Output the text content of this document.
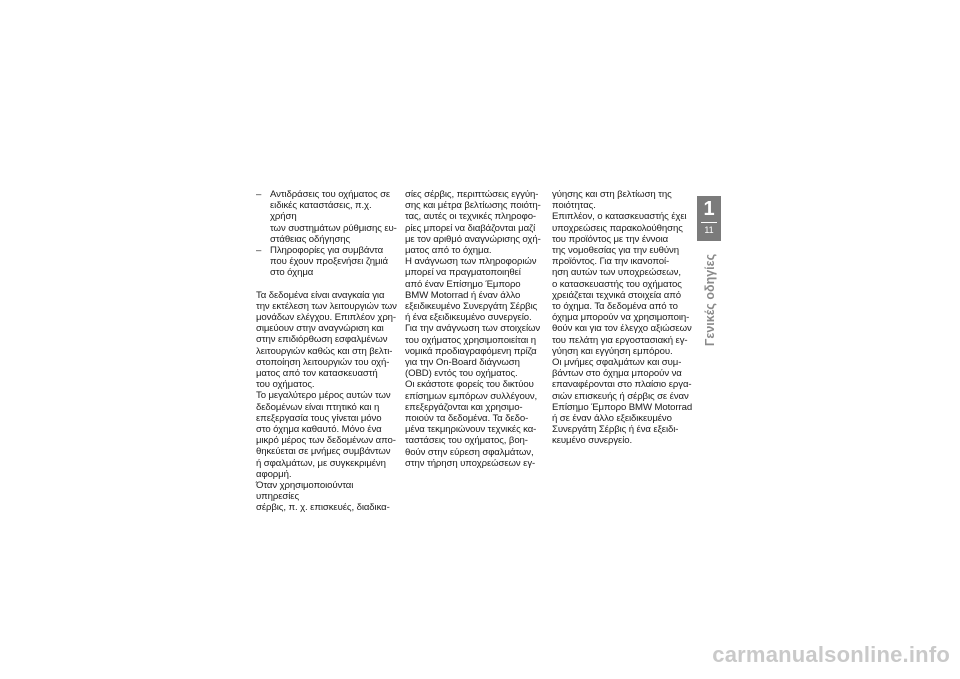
– Αντιδράσεις του οχήματος σε

ειδικές καταστάσεις, π.χ. χρήση

των συστημάτων ρύθμισης ευ-

στάθειας οδήγησης

– Πληροφορίες για συμβάντα

που έχουν προξενήσει ζημιά

στο όχημα

Τα δεδομένα είναι αναγκαία για

την εκτέλεση των λειτουργιών των

μονάδων ελέγχου. Επιπλέον χρη-

σιμεύουν στην αναγνώριση και

στην επιδιόρθωση εσφαλμένων

λειτουργιών καθώς και στη βελτι-

στοποίηση λειτουργιών του οχή-

ματος από τον κατασκευαστή

του οχήματος.

Το μεγαλύτερο μέρος αυτών των

δεδομένων είναι πτητικό και η

επεξεργασία τους γίνεται μόνο

στο όχημα καθαυτό. Μόνο ένα

μικρό μέρος των δεδομένων απο-

θηκεύεται σε μνήμες συμβάντων

ή σφαλμάτων, με συγκεκριμένη

αφορμή.

Όταν χρησιμοποιούνται υπηρεσίες

σέρβις, π. χ. επισκευές, διαδικα-

σίες σέρβις, περιπτώσεις εγγύη-

σης και μέτρα βελτίωσης ποιότη-

τας, αυτές οι τεχνικές πληροφο-

ρίες μπορεί να διαβάζονται μαζί

με τον αριθμό αναγνώρισης οχή-

ματος από το όχημα.

Η ανάγνωση των πληροφοριών

μπορεί να πραγματοποιηθεί

από έναν Επίσημο Έμπορο

BMW Motorrad ή έναν άλλο

εξειδικευμένο Συνεργάτη Σέρβις

ή ένα εξειδικευμένο συνεργείο.

Για την ανάγνωση των στοιχείων

του οχήματος χρησιμοποιείται η

νομικά προδιαγραφόμενη πρίζα

για την On-Board διάγνωση

(OBD) εντός του οχήματος.

Οι εκάστοτε φορείς του δικτύου

επίσημων εμπόρων συλλέγουν,

επεξεργάζονται και χρησιμο-

ποιούν τα δεδομένα. Τα δεδο-

μένα τεκμηριώνουν τεχνικές κα-

ταστάσεις του οχήματος, βοη-

θούν στην εύρεση σφαλμάτων,

στην τήρηση υποχρεώσεων εγ-

γύησης και στη βελτίωση της

ποιότητας.

Επιπλέον, ο κατασκευαστής έχει

υποχρεώσεις παρακολούθησης

του προϊόντος με την έννοια

της νομοθεσίας για την ευθύνη

προϊόντος. Για την ικανοποί-

ηση αυτών των υποχρεώσεων,

ο κατασκευαστής του οχήματος

χρειάζεται τεχνικά στοιχεία από

το όχημα. Τα δεδομένα από το

όχημα μπορούν να χρησιμοποιη-

θούν και για τον έλεγχο αξιώσεων

του πελάτη για εργοστασιακή εγ-

γύηση και εγγύηση εμπόρου.

Οι μνήμες σφαλμάτων και συμ-

βάντων στο όχημα μπορούν να

επαναφέρονται στο πλαίσιο εργα-

σιών επισκευής ή σέρβις σε έναν

Επίσημο Έμπορο BMW Motorrad

ή σε έναν άλλο εξειδικευμένο

Συνεργάτη Σέρβις ή ένα εξειδι-

κευμένο συνεργείο.

1
11
Γενικές οδηγίες
carmanualsonline.info
